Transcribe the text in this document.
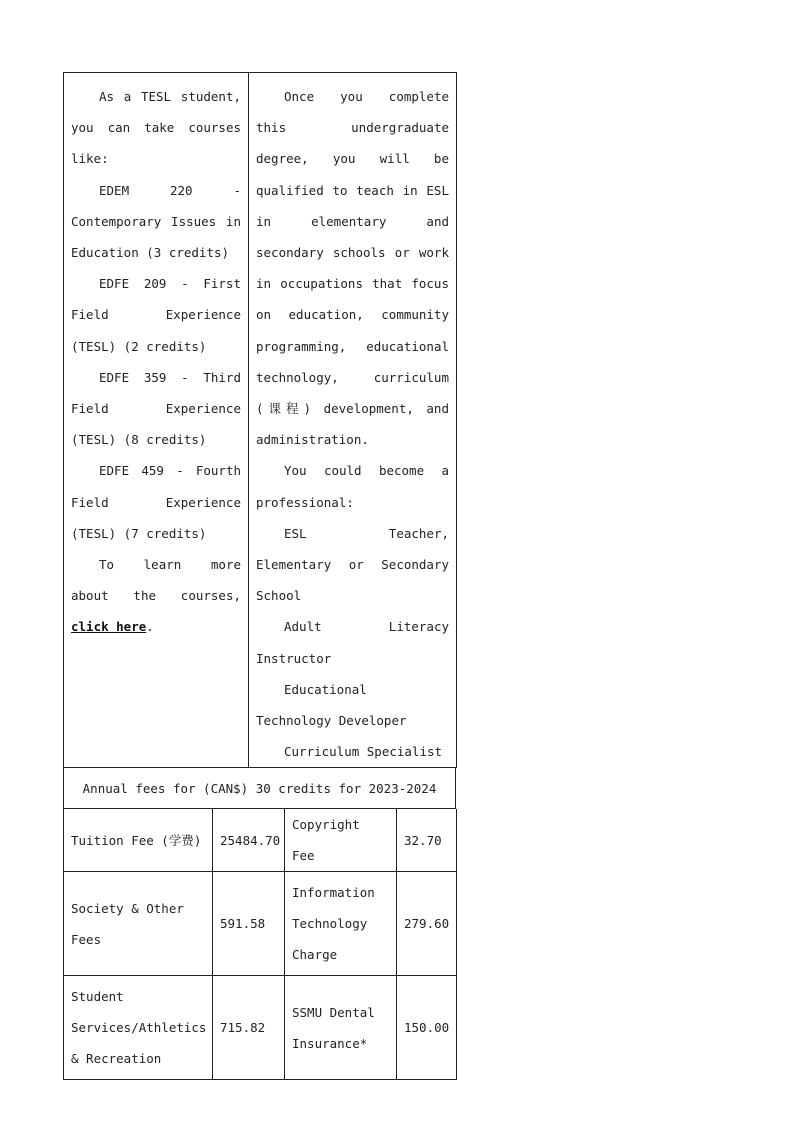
As a TESL student, you can take courses like:
EDEM 220 - Contemporary Issues in Education (3 credits)
EDFE 209 - First Field Experience (TESL) (2 credits)
EDFE 359 - Third Field Experience (TESL) (8 credits)
EDFE 459 - Fourth Field Experience (TESL) (7 credits)
To learn more about the courses, click here.

Once you complete this undergraduate degree, you will be qualified to teach in ESL in elementary and secondary schools or work in occupations that focus on education, community programming, educational technology, curriculum (课程) development, and administration.
You could become a professional:
ESL Teacher, Elementary or Secondary School
Adult Literacy Instructor
Educational Technology Developer
Curriculum Specialist
Annual fees for (CAN$) 30 credits for 2023-2024
Tuition Fee (学费)	25484.70	Copyright Fee	32.70
Society & Other Fees	591.58	Information Technology Charge	279.60
Student Services/Athletics & Recreation	715.82	SSMU Dental Insurance*	150.00
